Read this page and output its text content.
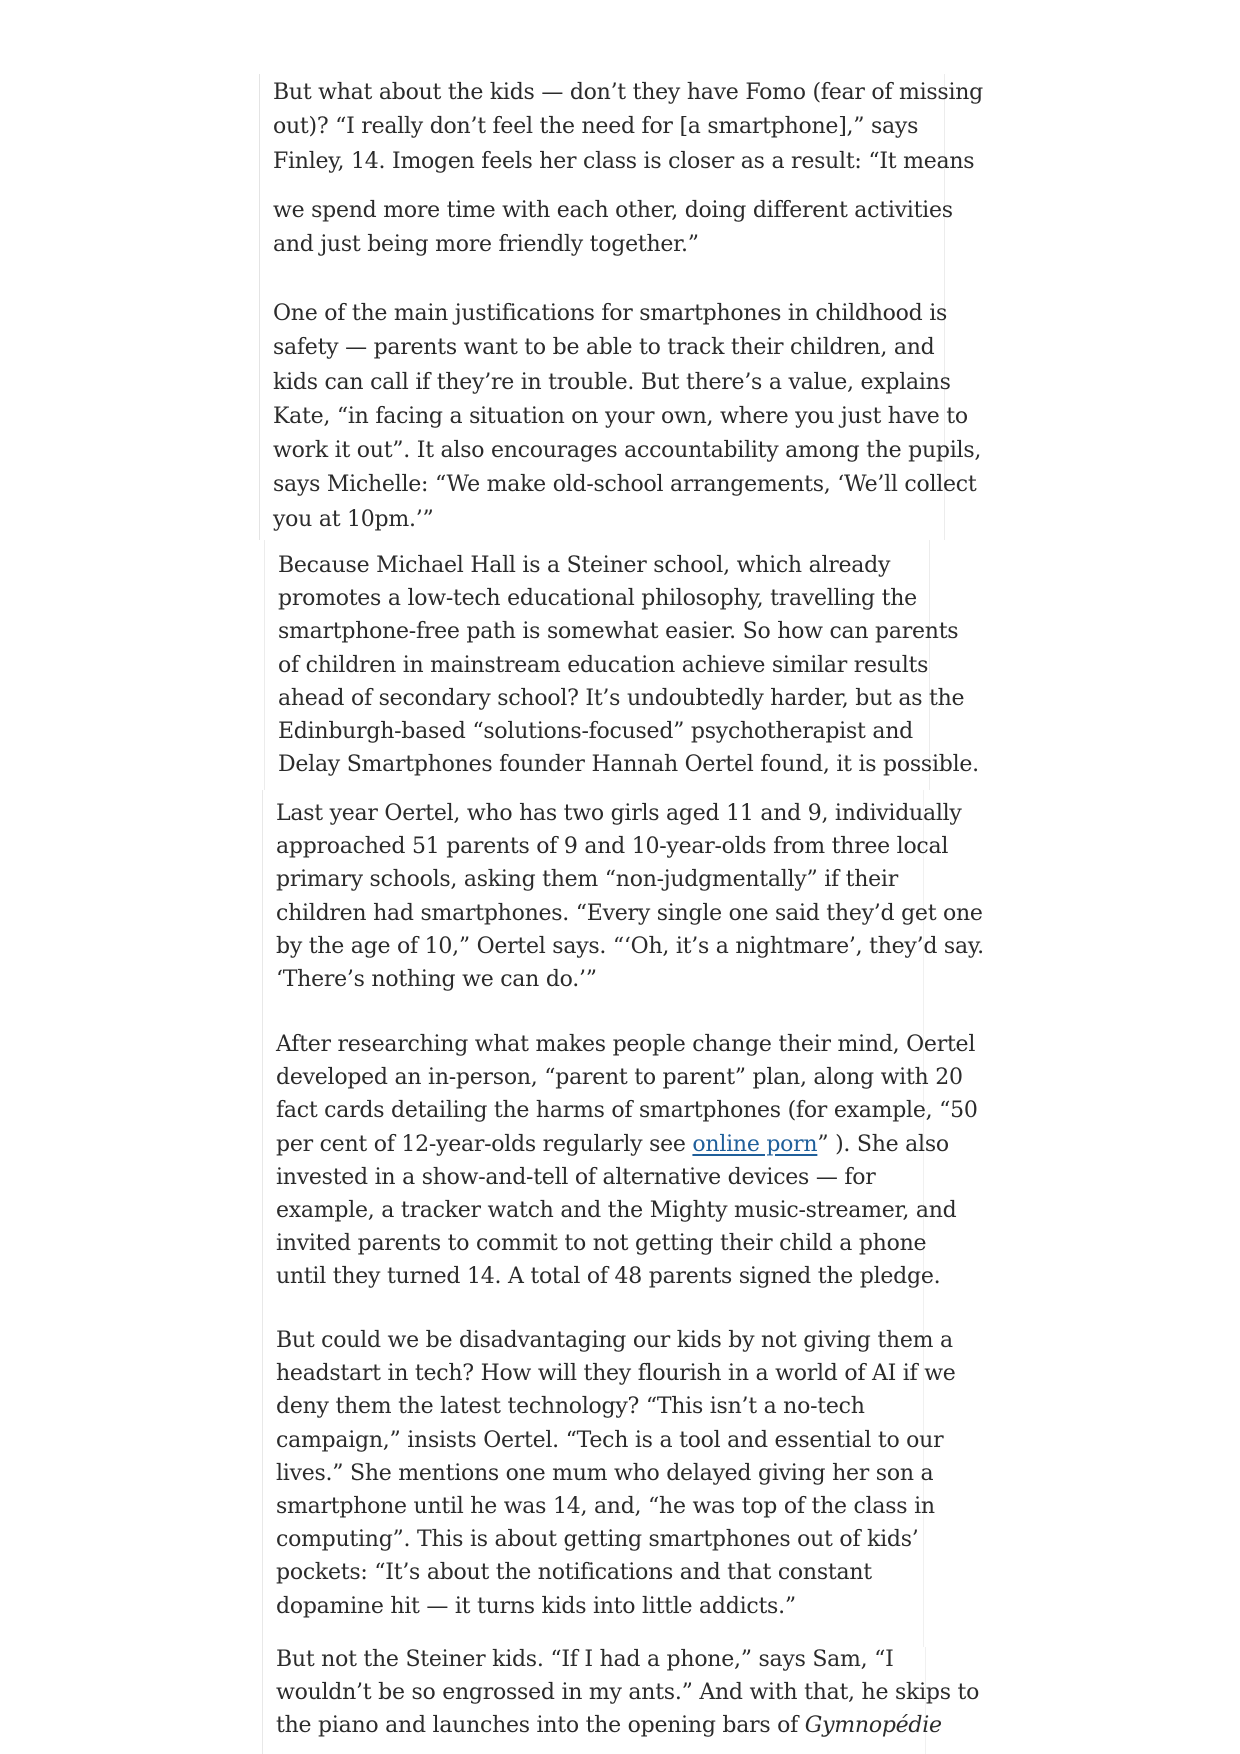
But what about the kids — don’t they have Fomo (fear of missing
out)? “I really don’t feel the need for [a smartphone],” says
Finley, 14. Imogen feels her class is closer as a result: “It means

we spend more time with each other, doing different activities
and just being more friendly together.”

One of the main justifications for smartphones in childhood is
safety — parents want to be able to track their children, and
kids can call if they’re in trouble. But there’s a value, explains
Kate, “in facing a situation on your own, where you just have to
work it out”. It also encourages accountability among the pupils,
says Michelle: “We make old-school arrangements, ‘We’ll collect
you at 10pm.’”

Because Michael Hall is a Steiner school, which already
promotes a low-tech educational philosophy, travelling the
smartphone-free path is somewhat easier. So how can parents
of children in mainstream education achieve similar results
ahead of secondary school? It’s undoubtedly harder, but as the
Edinburgh-based “solutions-focused” psychotherapist and
Delay Smartphones founder Hannah Oertel found, it is possible.

Last year Oertel, who has two girls aged 11 and 9, individually
approached 51 parents of 9 and 10-year-olds from three local
primary schools, asking them “non-judgmentally” if their
children had smartphones. “Every single one said they’d get one
by the age of 10,” Oertel says. “‘Oh, it’s a nightmare’, they’d say.
‘There’s nothing we can do.’”

After researching what makes people change their mind, Oertel
developed an in-person, “parent to parent” plan, along with 20
fact cards detailing the harms of smartphones (for example, “50
per cent of 12-year-olds regularly see online porn” ). She also
invested in a show-and-tell of alternative devices — for
example, a tracker watch and the Mighty music-streamer, and
invited parents to commit to not getting their child a phone
until they turned 14. A total of 48 parents signed the pledge.

But could we be disadvantaging our kids by not giving them a
headstart in tech? How will they flourish in a world of AI if we
deny them the latest technology? “This isn’t a no-tech
campaign,” insists Oertel. “Tech is a tool and essential to our
lives.” She mentions one mum who delayed giving her son a
smartphone until he was 14, and, “he was top of the class in
computing”. This is about getting smartphones out of kids’
pockets: “It’s about the notifications and that constant
dopamine hit — it turns kids into little addicts.”

But not the Steiner kids. “If I had a phone,” says Sam, “I
wouldn’t be so engrossed in my ants.” And with that, he skips to
the piano and launches into the opening bars of Gymnopédie
